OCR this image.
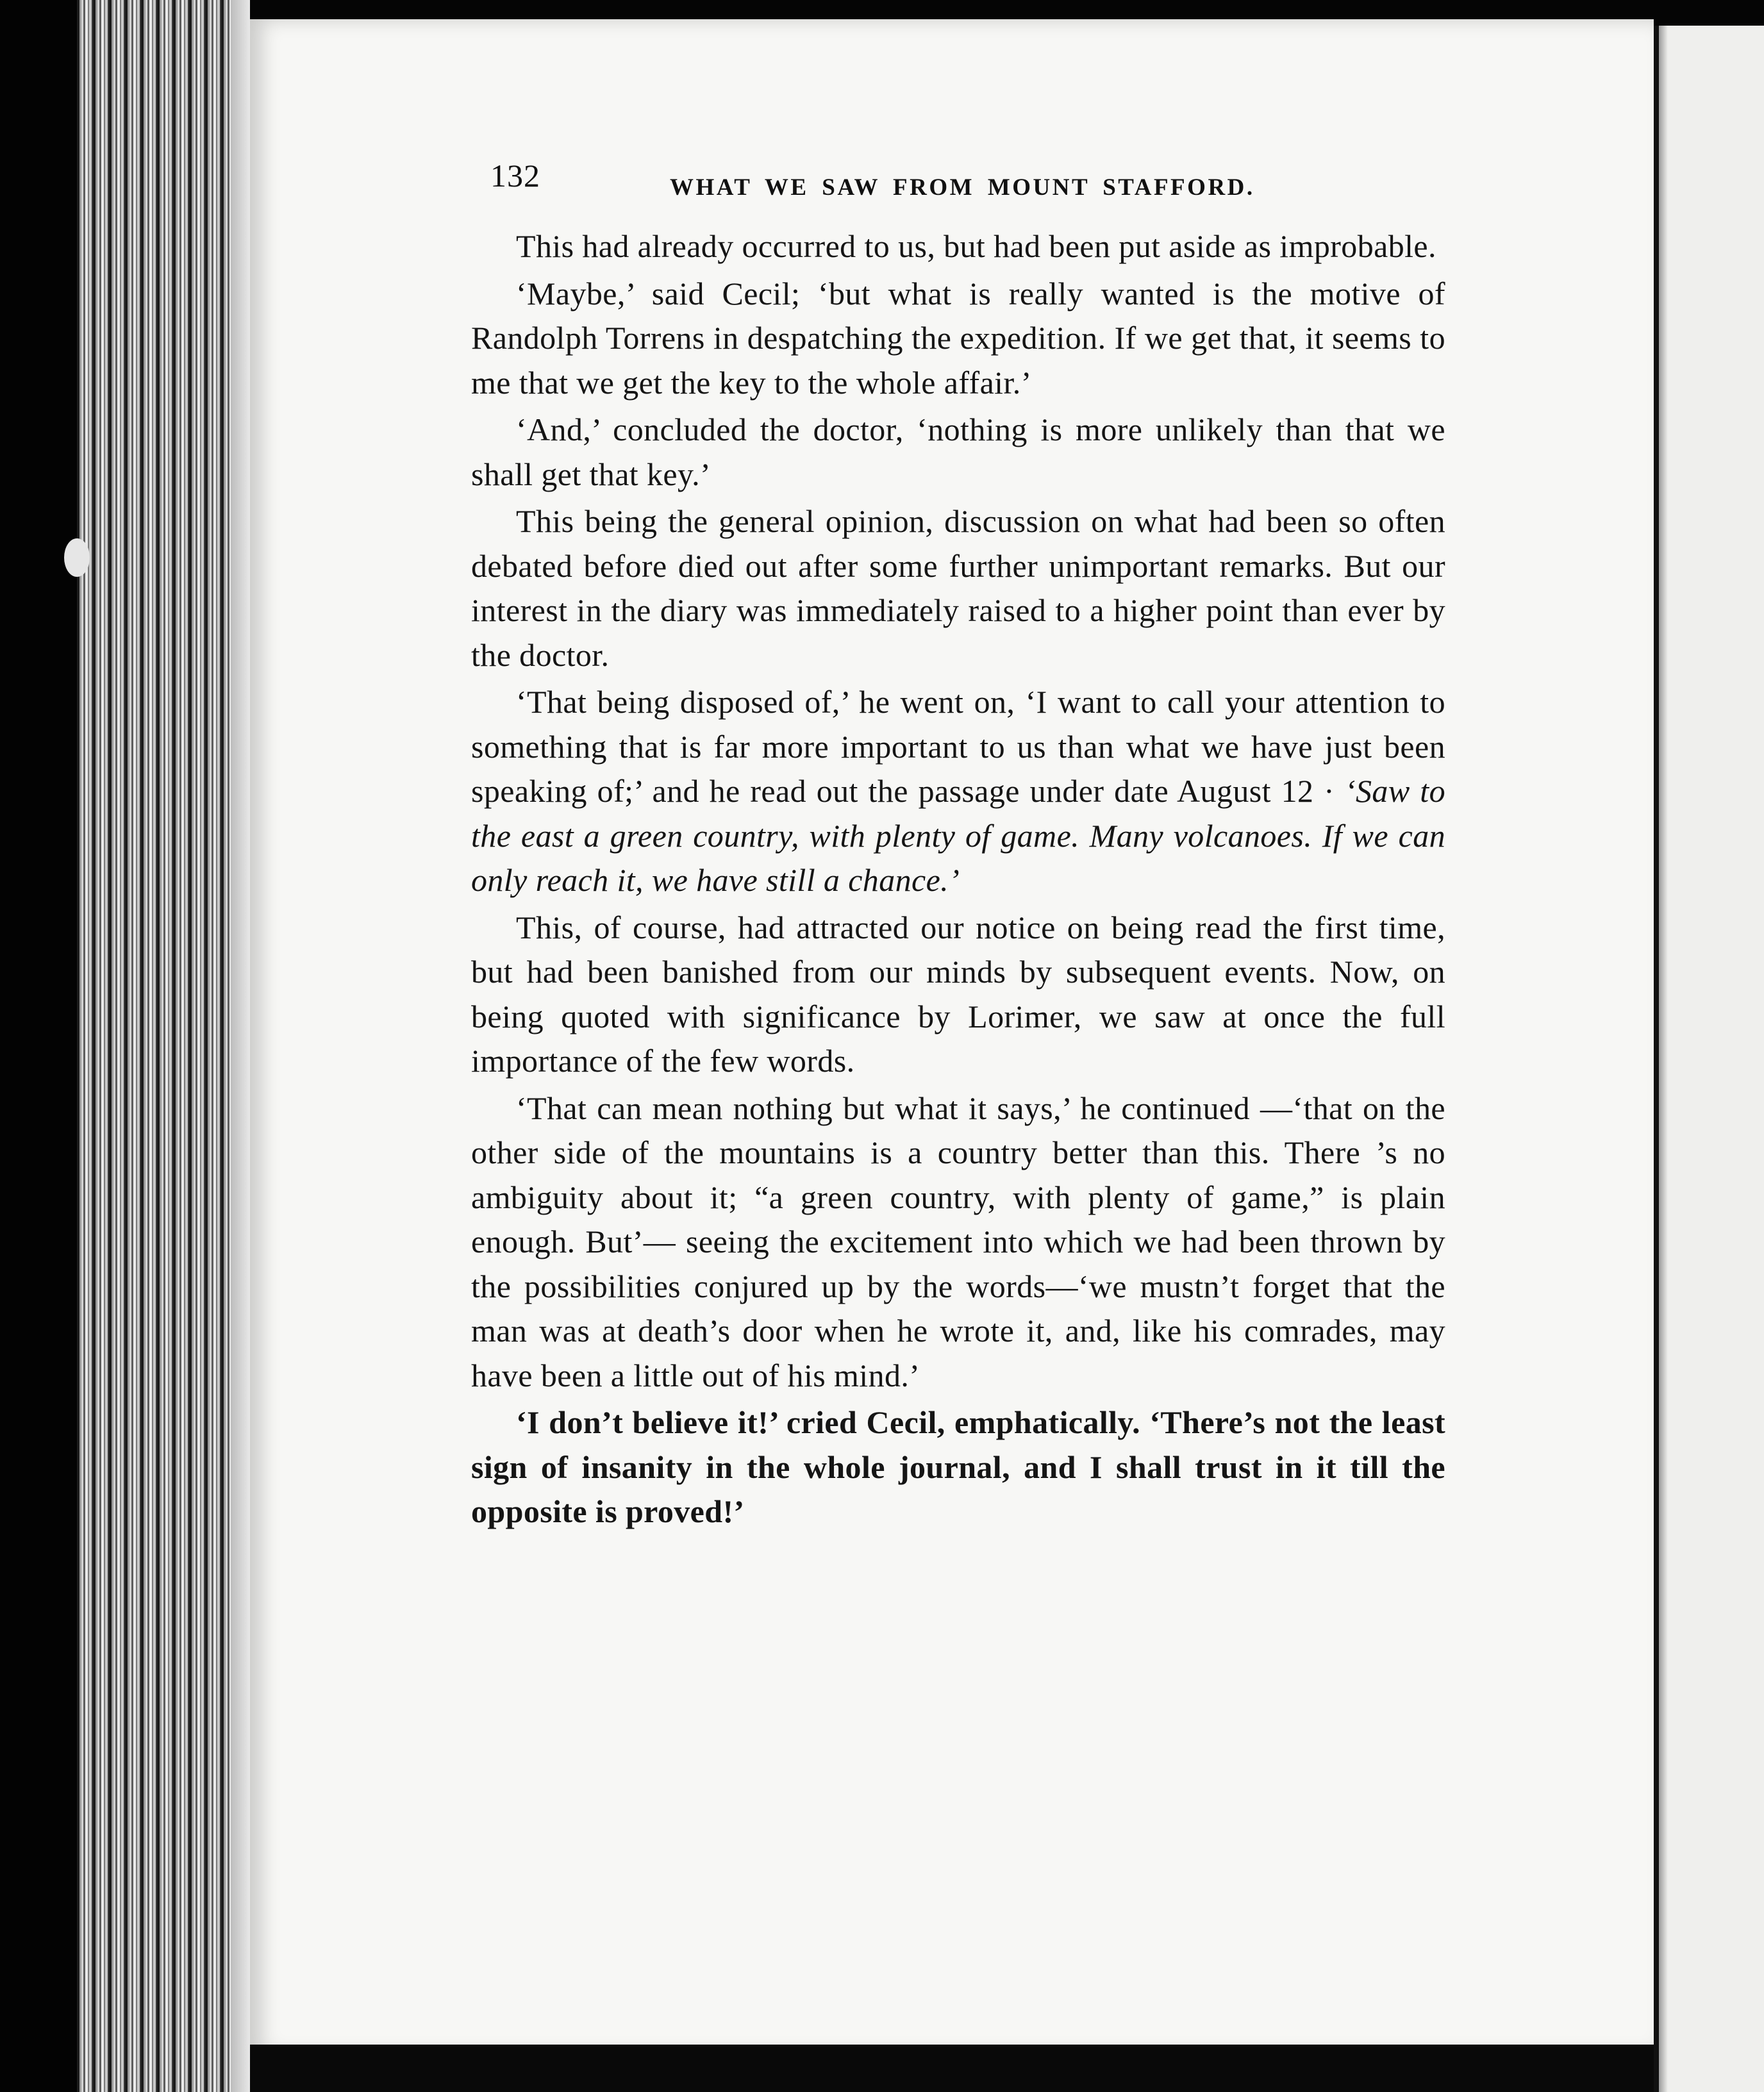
132	WHAT WE SAW FROM MOUNT STAFFORD.

This had already occurred to us, but had been put aside as improbable.

‘Maybe,’ said Cecil; ‘but what is really wanted is the motive of Randolph Torrens in despatching the expedition. If we get that, it seems to me that we get the key to the whole affair.’

‘And,’ concluded the doctor, ‘nothing is more unlikely than that we shall get that key.’

This being the general opinion, discussion on what had been so often debated before died out after some further unimportant remarks. But our interest in the diary was immediately raised to a higher point than ever by the doctor.

‘That being disposed of,’ he went on, ‘I want to call your attention to something that is far more important to us than what we have just been speaking of;’ and he read out the passage under date August 12 · ‘Saw to the east a green country, with plenty of game. Many volcanoes. If we can only reach it, we have still a chance.’

This, of course, had attracted our notice on being read the first time, but had been banished from our minds by subsequent events. Now, on being quoted with significance by Lorimer, we saw at once the full importance of the few words.

‘That can mean nothing but what it says,’ he continued —‘that on the other side of the mountains is a country better than this. There ’s no ambiguity about it; “a green country, with plenty of game,” is plain enough. But’— seeing the excitement into which we had been thrown by the possibilities conjured up by the words—‘we mustn’t forget that the man was at death’s door when he wrote it, and, like his comrades, may have been a little out of his mind.’

‘I don’t believe it!’ cried Cecil, emphatically. ‘There’s not the least sign of insanity in the whole journal, and I shall trust in it till the opposite is proved!’
